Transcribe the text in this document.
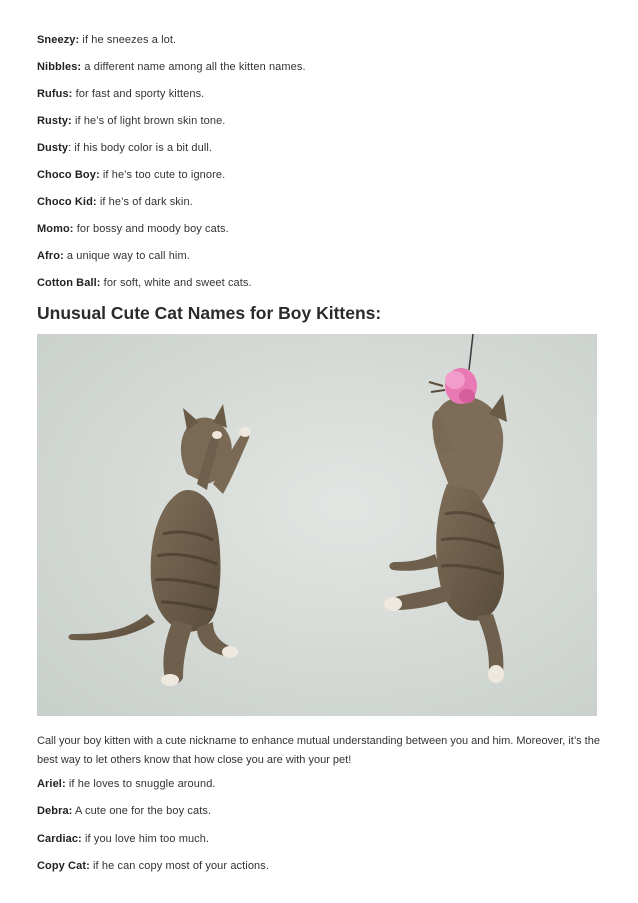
Sneezy: if he sneezes a lot.
Nibbles: a different name among all the kitten names.
Rufus: for fast and sporty kittens.
Rusty: if he’s of light brown skin tone.
Dusty: if his body color is a bit dull.
Choco Boy: if he’s too cute to ignore.
Choco Kid: if he’s of dark skin.
Momo: for bossy and moody boy cats.
Afro: a unique way to call him.
Cotton Ball: for soft, white and sweet cats.
Unusual Cute Cat Names for Boy Kittens:

Call your boy kitten with a cute nickname to enhance mutual understanding between you and him. Moreover, it’s the best way to let others know that how close you are with your pet!

Ariel: if he loves to snuggle around.
Debra: A cute one for the boy cats.
Cardiac: if you love him too much.
Copy Cat: if he can copy most of your actions.
